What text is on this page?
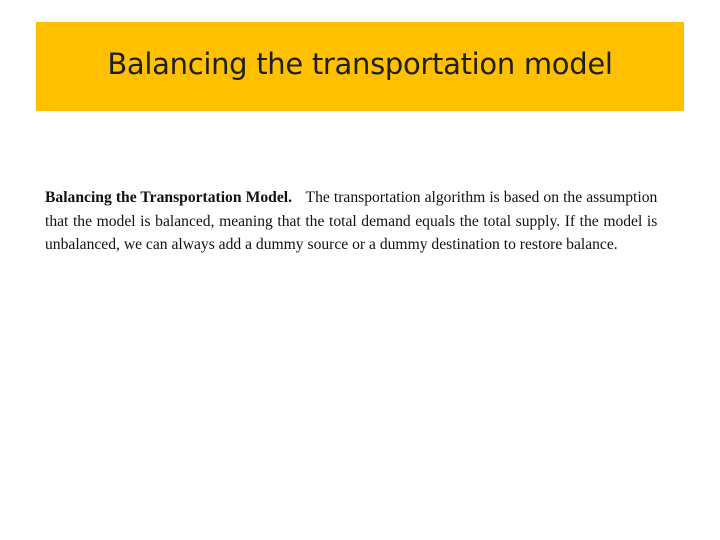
Balancing the transportation model
Balancing the Transportation Model. The transportation algorithm is based on the assumption that the model is balanced, meaning that the total demand equals the total supply. If the model is unbalanced, we can always add a dummy source or a dummy destination to restore balance.
